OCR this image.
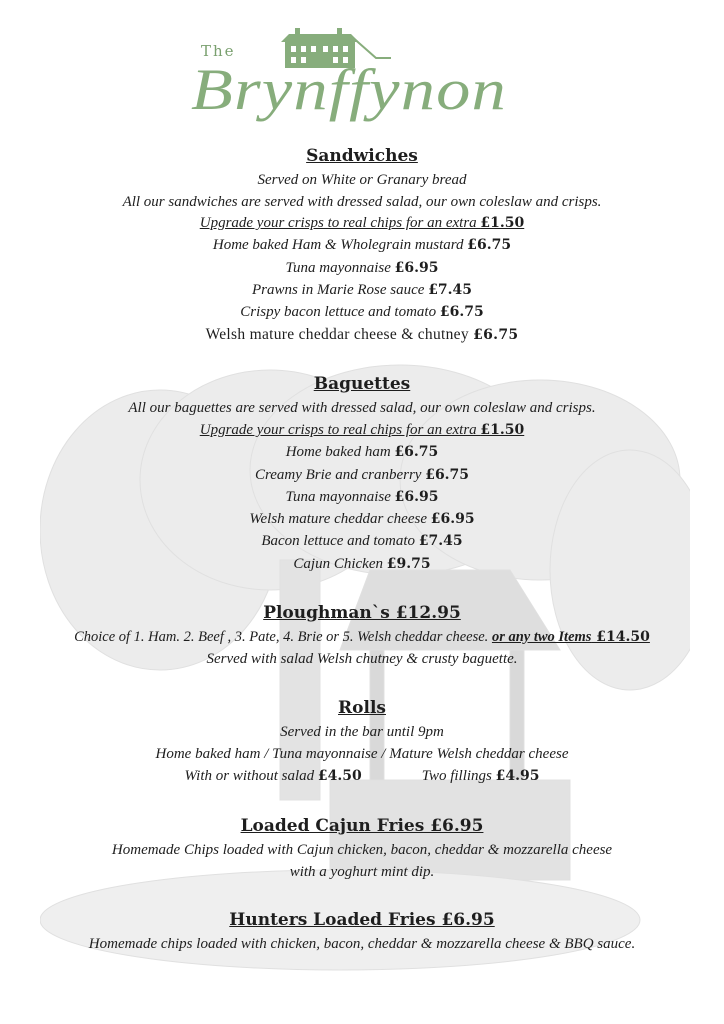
The
Brynffynon
Sandwiches
Served on White or Granary bread
All our sandwiches are served with dressed salad, our own coleslaw and crisps.
Upgrade your crisps to real chips for an extra £1.50
Home baked Ham & Wholegrain mustard £6.75
Tuna mayonnaise £6.95
Prawns in Marie Rose sauce £7.45
Crispy bacon lettuce and tomato £6.75
Welsh mature cheddar cheese & chutney £6.75
Baguettes
All our baguettes are served with dressed salad, our own coleslaw and crisps.
Upgrade your crisps to real chips for an extra £1.50
Home baked ham £6.75
Creamy Brie and cranberry £6.75
Tuna mayonnaise £6.95
Welsh mature cheddar cheese £6.95
Bacon lettuce and tomato £7.45
Cajun Chicken £9.75
Ploughman`s £12.95
Choice of 1. Ham. 2. Beef , 3. Pate, 4. Brie or 5. Welsh cheddar cheese. or any two Items £14.50
Served with salad Welsh chutney & crusty baguette.
Rolls
Served in the bar until 9pm
Home baked ham / Tuna mayonnaise / Mature Welsh cheddar cheese
With or without salad £4.50	Two fillings £4.95
Loaded Cajun Fries £6.95
Homemade Chips loaded with Cajun chicken, bacon, cheddar & mozzarella cheese
with a yoghurt mint dip.
Hunters Loaded Fries £6.95
Homemade chips loaded with chicken, bacon, cheddar & mozzarella cheese & BBQ sauce.
